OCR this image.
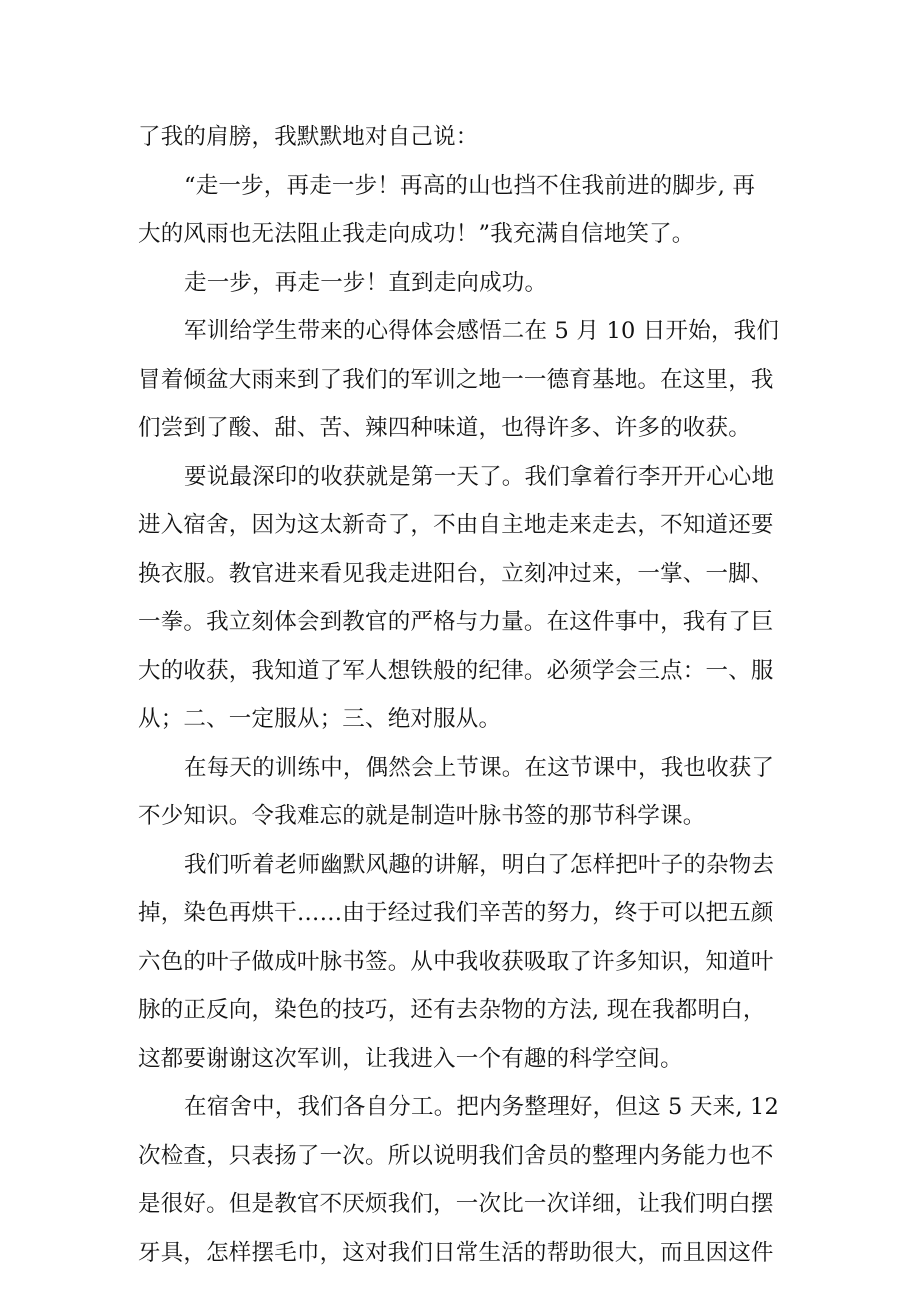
了我的肩膀，我默默地对自己说：
“走一步，再走一步！再高的山也挡不住我前进的脚步, 再
大的风雨也无法阻止我走向成功！”我充满自信地笑了。
走一步，再走一步！直到走向成功。
军训给学生带来的心得体会感悟二在 5 月 10 日开始，我们
冒着倾盆大雨来到了我们的军训之地一一德育基地。在这里，我
们尝到了酸、甜、苦、辣四种味道，也得许多、许多的收获。
要说最深印的收获就是第一天了。我们拿着行李开开心心地
进入宿舍，因为这太新奇了，不由自主地走来走去，不知道还要
换衣服。教官进来看见我走进阳台，立刻冲过来，一掌、一脚、
一拳。我立刻体会到教官的严格与力量。在这件事中，我有了巨
大的收获，我知道了军人想铁般的纪律。必须学会三点：一、服
从；二、一定服从；三、绝对服从。
在每天的训练中，偶然会上节课。在这节课中，我也收获了
不少知识。令我难忘的就是制造叶脉书签的那节科学课。
我们听着老师幽默风趣的讲解，明白了怎样把叶子的杂物去
掉，染色再烘干……由于经过我们辛苦的努力，终于可以把五颜
六色的叶子做成叶脉书签。从中我收获吸取了许多知识，知道叶
脉的正反向，染色的技巧，还有去杂物的方法, 现在我都明白，
这都要谢谢这次军训，让我进入一个有趣的科学空间。
在宿舍中，我们各自分工。把内务整理好，但这 5 天来, 12
次检查，只表扬了一次。所以说明我们舍员的整理内务能力也不
是很好。但是教官不厌烦我们，一次比一次详细，让我们明白摆
牙具，怎样摆毛巾，这对我们日常生活的帮助很大，而且因这件
